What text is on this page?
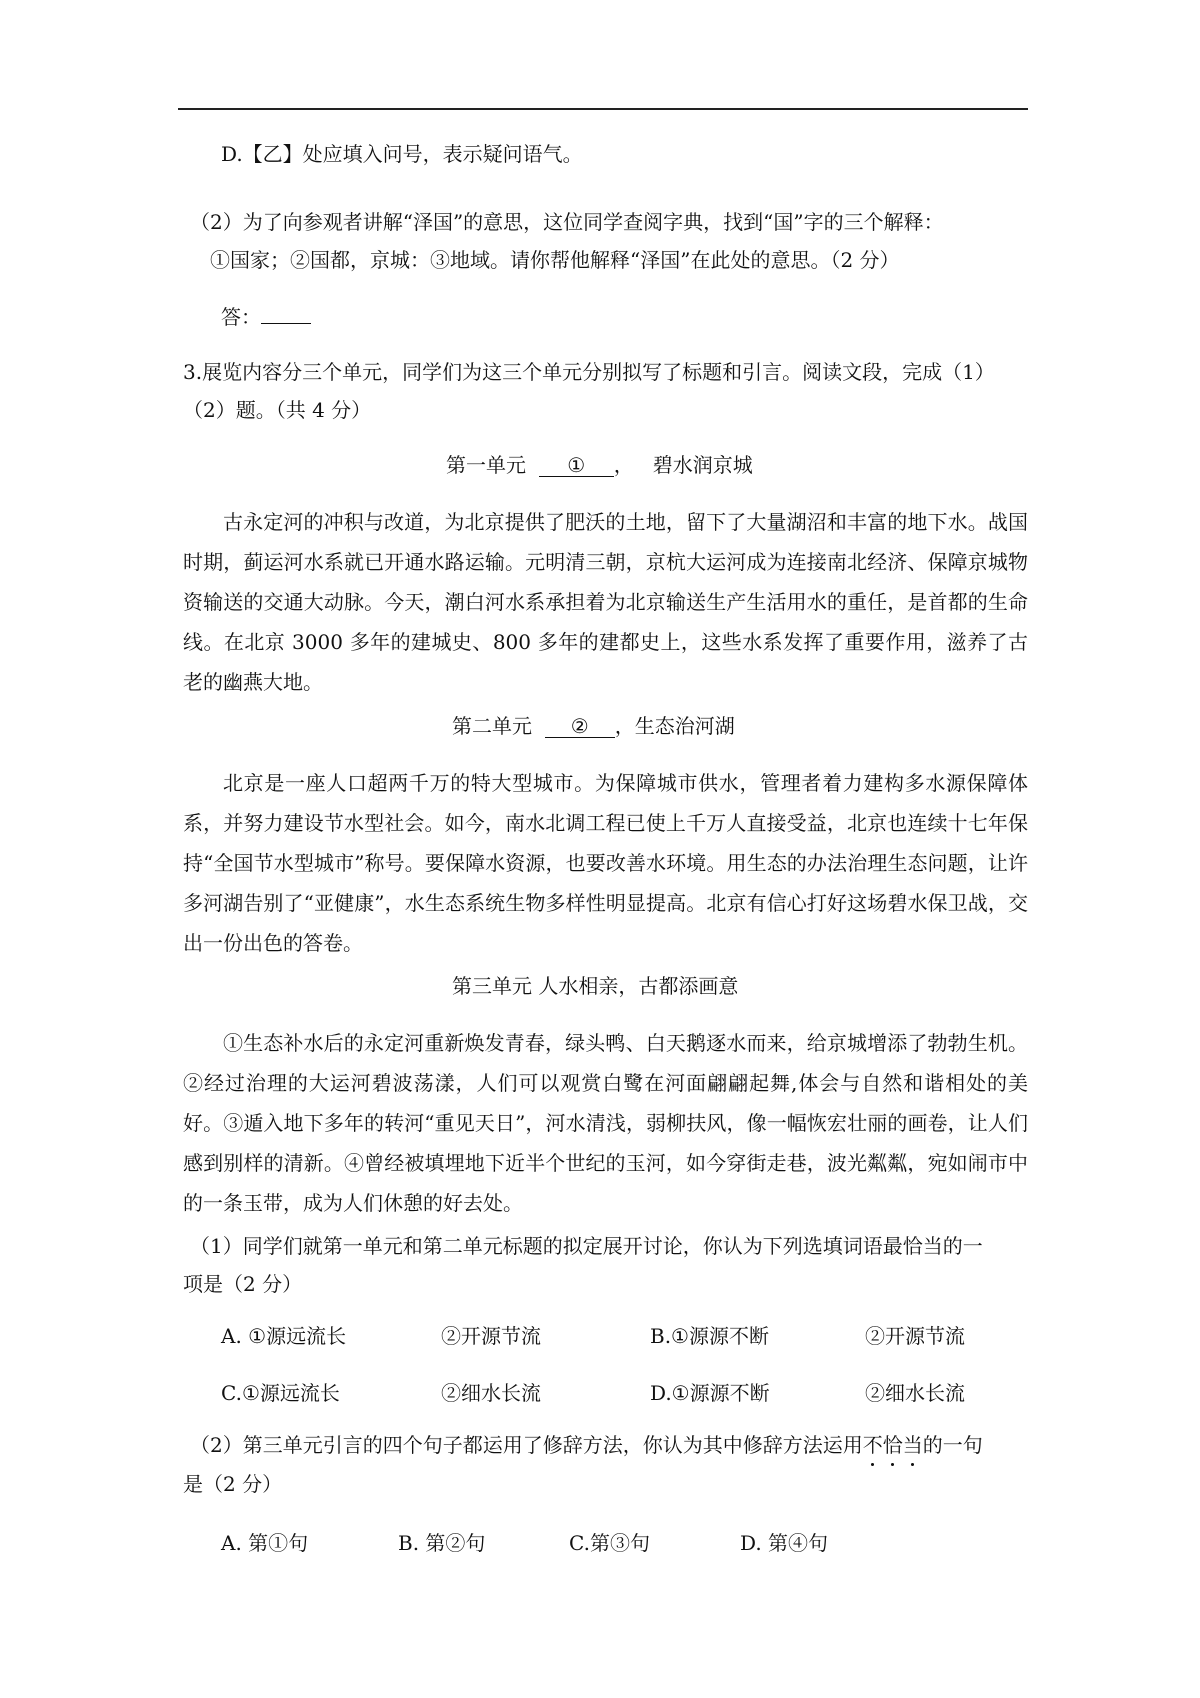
D.【乙】处应填入问号，表示疑问语气。
（2）为了向参观者讲解“泽国”的意思，这位同学查阅字典，找到“国”字的三个解释：
①国家；②国都，京城：③地域。请你帮他解释“泽国”在此处的意思。（2 分）
答：
3.展览内容分三个单元，同学们为这三个单元分别拟写了标题和引言。阅读文段，完成（1）
（2）题。（共 4 分）
第一单元 ① ， 碧水润京城
古永定河的冲积与改道，为北京提供了肥沃的土地，留下了大量湖沼和丰富的地下水。战国时期，蓟运河水系就已开通水路运输。元明清三朝，京杭大运河成为连接南北经济、保障京城物资输送的交通大动脉。今天，潮白河水系承担着为北京输送生产生活用水的重任，是首都的生命线。在北京 3000 多年的建城史、800 多年的建都史上，这些水系发挥了重要作用，滋养了古老的幽燕大地。
第二单元 ② ，生态治河湖
北京是一座人口超两千万的特大型城市。为保障城市供水，管理者着力建构多水源保障体系，并努力建设节水型社会。如今，南水北调工程已使上千万人直接受益，北京也连续十七年保持“全国节水型城市”称号。要保障水资源，也要改善水环境。用生态的办法治理生态问题，让许多河湖告别了“亚健康”，水生态系统生物多样性明显提高。北京有信心打好这场碧水保卫战，交出一份出色的答卷。
第三单元 人水相亲，古都添画意
①生态补水后的永定河重新焕发青春，绿头鸭、白天鹅逐水而来，给京城增添了勃勃生机。②经过治理的大运河碧波荡漾，人们可以观赏白鹭在河面翩翩起舞,体会与自然和谐相处的美好。③遁入地下多年的转河“重见天日”，河水清浅，弱柳扶风，像一幅恢宏壮丽的画卷，让人们感到别样的清新。④曾经被填埋地下近半个世纪的玉河，如今穿街走巷，波光粼粼，宛如闹市中的一条玉带，成为人们休憩的好去处。
（1）同学们就第一单元和第二单元标题的拟定展开讨论，你认为下列选填词语最恰当的一
项是（2 分）
A. ①源远流长	②开源节流	B.①源源不断	②开源节流
C.①源远流长	②细水长流	D.①源源不断	②细水长流
（2）第三单元引言的四个句子都运用了修辞方法，你认为其中修辞方法运用不恰当的一句
是（2 分）
A. 第①句	B. 第②句	C.第③句	D. 第④句
